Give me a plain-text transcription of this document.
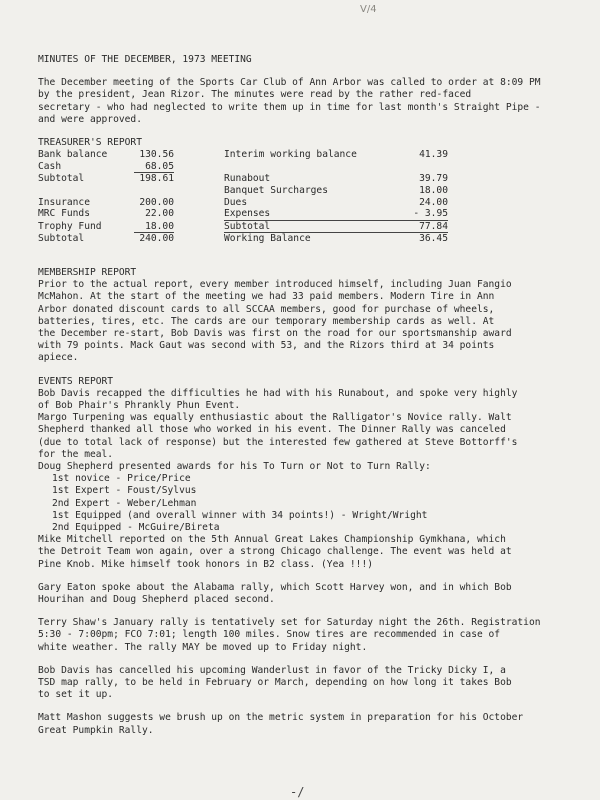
V/4
MINUTES OF THE DECEMBER, 1973 MEETING
The December meeting of the Sports Car Club of Ann Arbor was called to order at 8:09 PM
by the president, Jean Rizor. The minutes were read by the rather red-faced
secretary - who had neglected to write them up in time for last month's Straight Pipe -
and were approved.
TREASURER'S REPORT
Bank balance	130.56		Interim working balance	41.39
Cash	68.05			
Subtotal	198.61		Runabout	39.79
			Banquet Surcharges	18.00
Insurance	200.00		Dues	24.00
MRC Funds	22.00		Expenses	- 3.95
Trophy Fund	18.00		Subtotal	77.84
Subtotal	240.00		Working Balance	36.45
MEMBERSHIP REPORT
Prior to the actual report, every member introduced himself, including Juan Fangio
McMahon. At the start of the meeting we had 33 paid members. Modern Tire in Ann
Arbor donated discount cards to all SCCAA members, good for purchase of wheels,
batteries, tires, etc. The cards are our temporary membership cards as well. At
the December re-start, Bob Davis was first on the road for our sportsmanship award
with 79 points. Mack Gaut was second with 53, and the Rizors third at 34 points
apiece.
EVENTS REPORT
Bob Davis recapped the difficulties he had with his Runabout, and spoke very highly
of Bob Phair's Phrankly Phun Event.
Margo Turpening was equally enthusiastic about the Ralligator's Novice rally. Walt
Shepherd thanked all those who worked in his event. The Dinner Rally was canceled
(due to total lack of response) but the interested few gathered at Steve Bottorff's
for the meal.
Doug Shepherd presented awards for his To Turn or Not to Turn Rally:
1st novice - Price/Price
1st Expert - Foust/Sylvus
2nd Expert - Weber/Lehman
1st Equipped (and overall winner with 34 points!) - Wright/Wright
2nd Equipped - McGuire/Bireta
Mike Mitchell reported on the 5th Annual Great Lakes Championship Gymkhana, which
the Detroit Team won again, over a strong Chicago challenge. The event was held at
Pine Knob. Mike himself took honors in B2 class. (Yea !!!)
Gary Eaton spoke about the Alabama rally, which Scott Harvey won, and in which Bob
Hourihan and Doug Shepherd placed second.
Terry Shaw's January rally is tentatively set for Saturday night the 26th. Registration
5:30 - 7:00pm; FCO 7:01; length 100 miles. Snow tires are recommended in case of
white weather. The rally MAY be moved up to Friday night.
Bob Davis has cancelled his upcoming Wanderlust in favor of the Tricky Dicky I, a
TSD map rally, to be held in February or March, depending on how long it takes Bob
to set it up.
Matt Mashon suggests we brush up on the metric system in preparation for his October
Great Pumpkin Rally.
-/
